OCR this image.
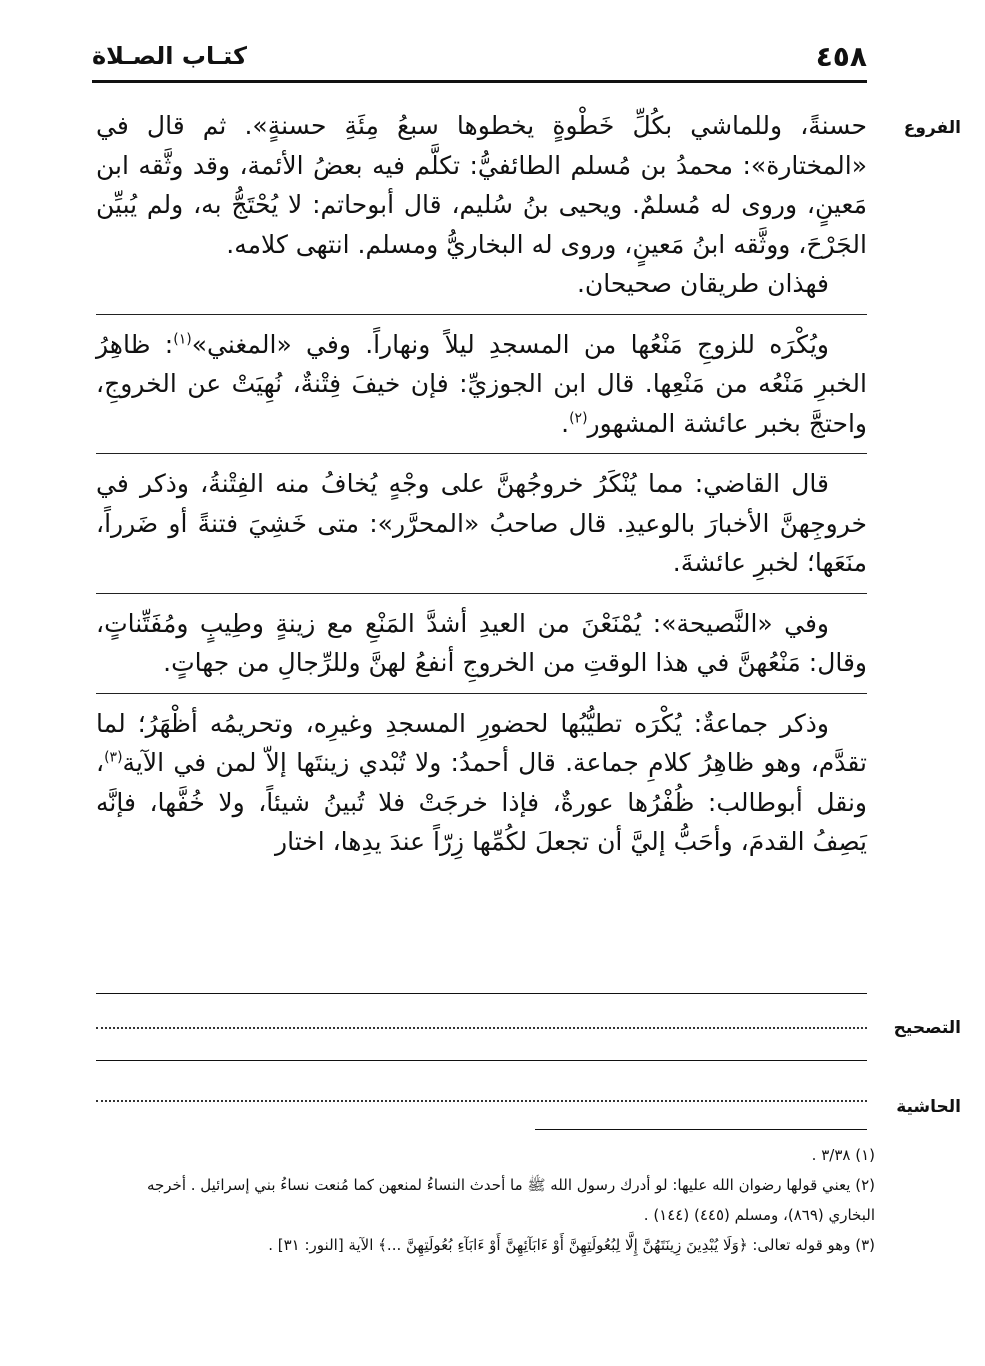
٤٥٨
كتـاب الصـلاة
الفروع

حسنةً، وللماشي بكُلِّ خَطْوةٍ يخطوها سبعُ مِئَةِ حسنةٍ». ثم قال في «المختارة»: محمدُ بن مُسلم الطائفيُّ: تكلَّم فيه بعضُ الأئمة، وقد وثَّقه ابن مَعينٍ، وروى له مُسلمٌ. ويحيى بنُ سُليم، قال أبوحاتم: لا يُحْتَجُّ به، ولم يُبيِّن الجَرْحَ، ووثَّقه ابنُ مَعينٍ، وروى له البخاريُّ ومسلم. انتهى كلامه.

فهذان طريقان صحيحان.

ويُكْرَه للزوجِ مَنْعُها من المسجدِ ليلاً ونهاراً. وفي «المغني»$^{(١)}$: ظاهِرُ الخبرِ مَنْعُه من مَنْعِها. قال ابن الجوزيِّ: فإن خيفَ فِتْنةٌ، نُهِيَتْ عن الخروجِ، واحتجَّ بخبر عائشة المشهور$^{(٢)}$.

قال القاضي: مما يُنْكَرُ خروجُهنَّ على وجْهٍ يُخافُ منه الفِتْنةُ، وذكر في خروجِهنَّ الأخبارَ بالوعيدِ. قال صاحبُ «المحرَّر»: متى خَشِيَ فتنةً أو ضَرراً، منَعَها؛ لخبرِ عائشةَ.

وفي «النَّصيحة»: يُمْنَعْنَ من العيدِ أشدَّ المَنْعِ مع زينةٍ وطِيبٍ ومُفَتِّناتٍ، وقال: مَنْعُهنَّ في هذا الوقتِ من الخروجِ أنفعُ لهنَّ وللرِّجالِ من جهاتٍ.

وذكر جماعةٌ: يُكْرَه تطيُّبُها لحضورِ المسجدِ وغيرِه، وتحريمُه أظْهَرُ؛ لما تقدَّم، وهو ظاهِرُ كلامِ جماعة. قال أحمدُ: ولا تُبْدي زينتَها إلاّ لمن في الآية$^{(٣)}$، ونقل أبوطالب: ظُفْرُها عورةٌ، فإذا خرجَتْ فلا تُبينُ شيئاً، ولا خُفَّها، فإنَّه يَصِفُ القدمَ، وأحَبُّ إليَّ أن تجعلَ لكُمِّها زِرّاً عندَ يدِها، اختار

التصحيح
الحاشية

(١) ٣/٣٨ .

(٢) يعني قولها رضوان الله عليها: لو أدرك رسول الله ﷺ ما أحدث النساءُ لمنعهن كما مُنعت نساءُ بني إسرائيل . أخرجه

البخاري (٨٦٩)، ومسلم (٤٤٥) (١٤٤) .

(٣) وهو قوله تعالى: ﴿وَلَا يُبْدِينَ زِينَتَهُنَّ إِلَّا لِبُعُولَتِهِنَّ أَوْ ءَابَآئِهِنَّ أَوْ ءَابَآءِ بُعُولَتِهِنَّ ...﴾ الآية [النور: ٣١] .
